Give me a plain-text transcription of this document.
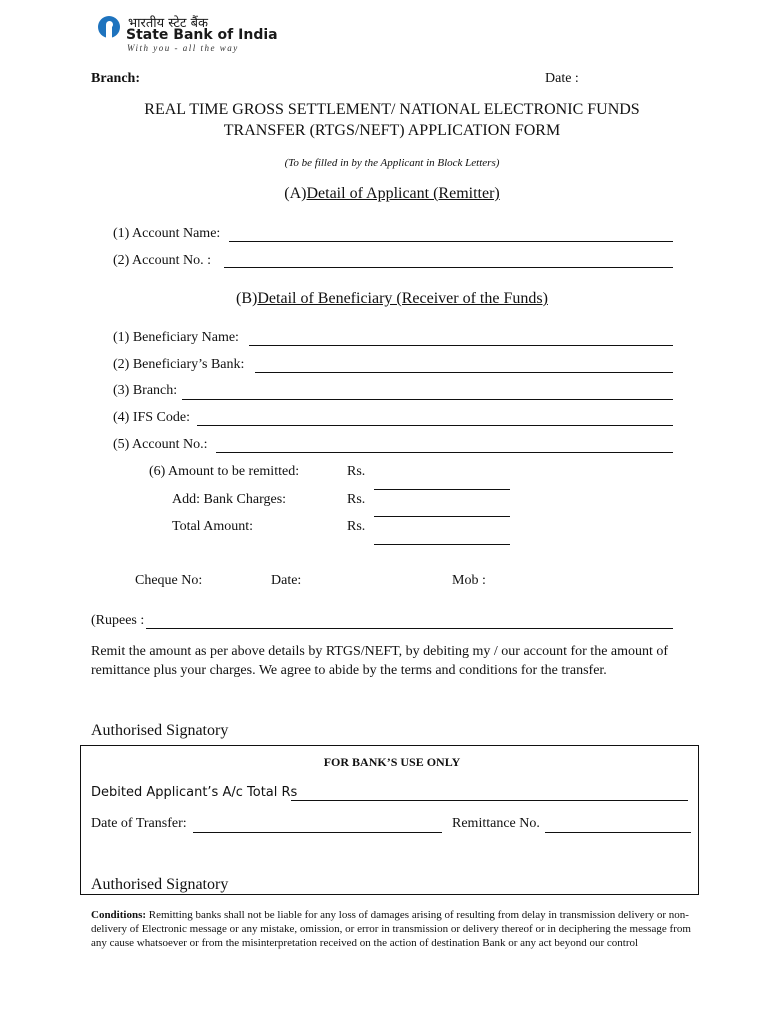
भारतीय स्टेट बैंक
State Bank of India
With you - all the way
Branch:	Date :
REAL TIME GROSS SETTLEMENT/ NATIONAL ELECTRONIC FUNDS
TRANSFER (RTGS/NEFT) APPLICATION FORM
(To be filled in by the Applicant in Block Letters)
(A)Detail of Applicant (Remitter)
(1) Account Name:
(2) Account No. :
(B)Detail of Beneficiary (Receiver of the Funds)
(1) Beneficiary Name:
(2) Beneficiary’s Bank:
(3) Branch:
(4) IFS Code:
(5) Account No.:
(6) Amount to be remitted:	Rs.
Add: Bank Charges:	Rs.
Total Amount:	Rs.
Cheque No:	Date:	Mob :
(Rupees :
Remit the amount as per above details by RTGS/NEFT, by debiting my / our account for the amount of remittance plus your charges. We agree to abide by the terms and conditions for the transfer.
Authorised Signatory
FOR BANK’S USE ONLY
Debited Applicant’s A/c Total Rs
Date of Transfer:	Remittance No.
Authorised Signatory
Conditions: Remitting banks shall not be liable for any loss of damages arising of resulting from delay in transmission delivery or non-delivery of Electronic message or any mistake, omission, or error in transmission or delivery thereof or in deciphering the message from any cause whatsoever or from the misinterpretation received on the action of destination Bank or any act beyond our control
